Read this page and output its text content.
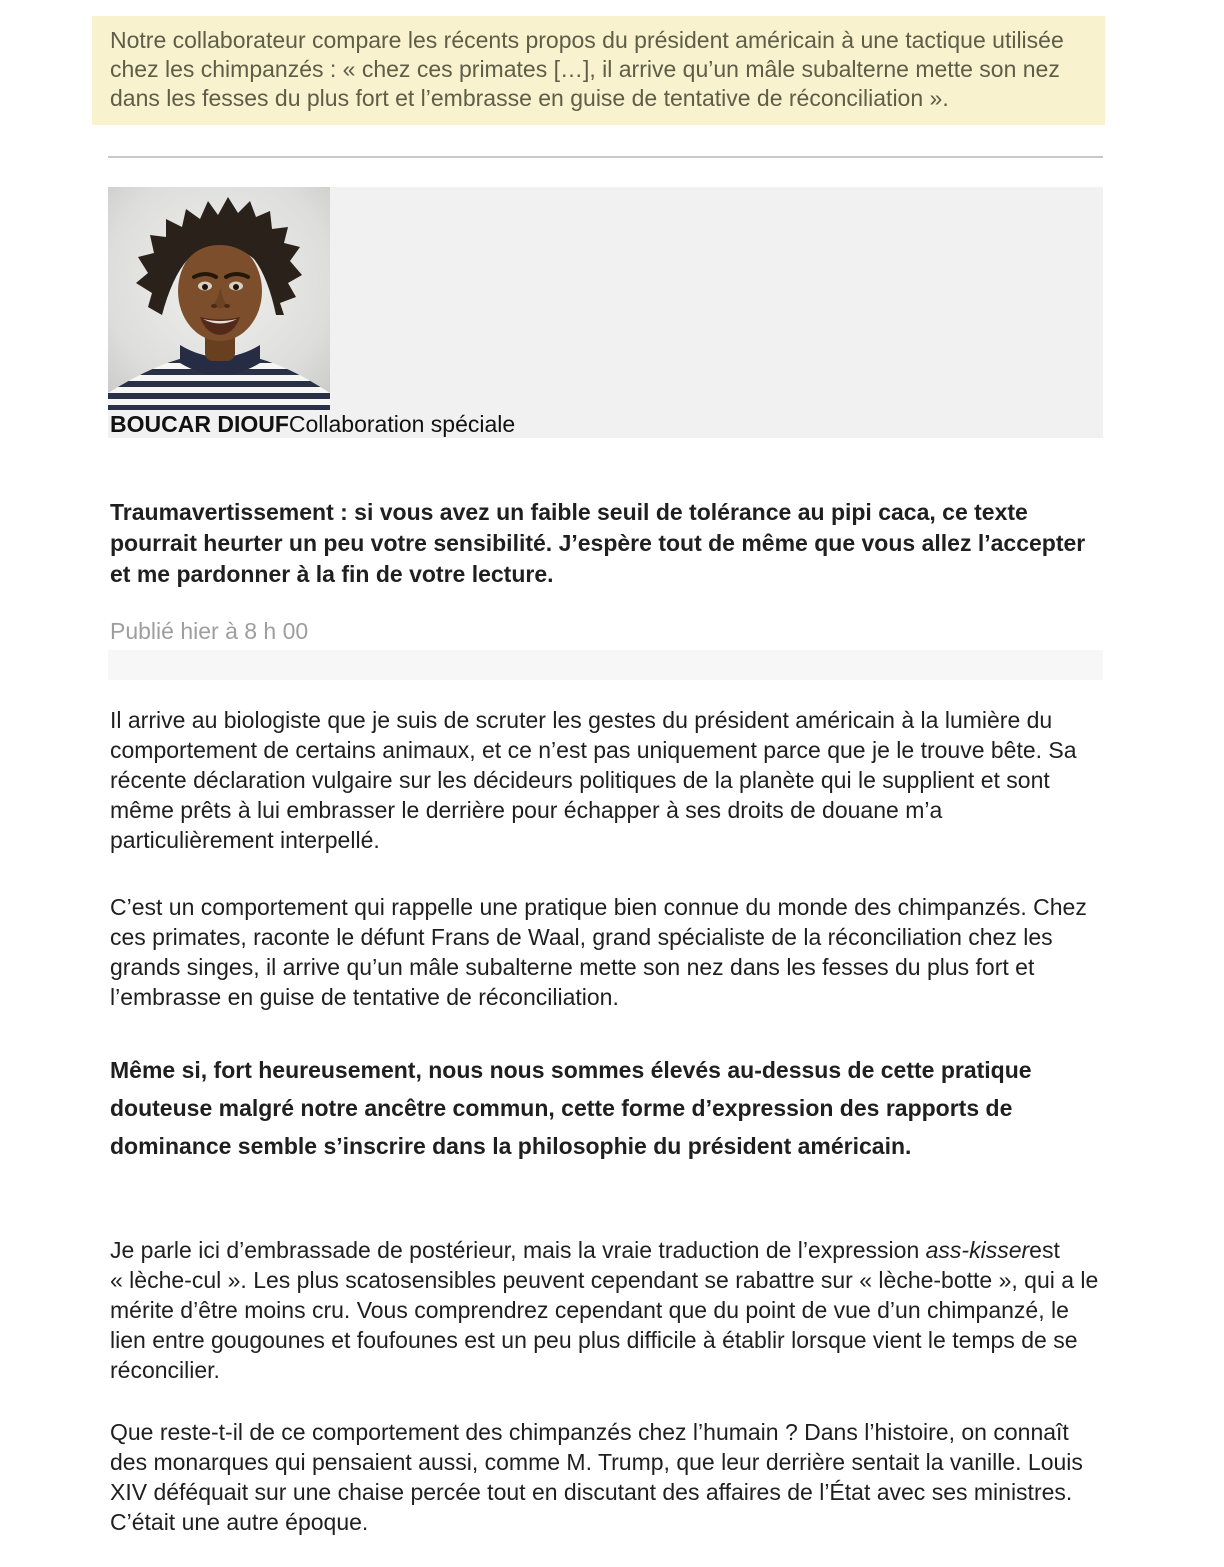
Notre collaborateur compare les récents propos du président américain à une tactique utilisée chez les chimpanzés : « chez ces primates […], il arrive qu’un mâle subalterne mette son nez dans les fesses du plus fort et l’embrasse en guise de tentative de réconciliation ».

BOUCAR DIOUFCollaboration spéciale

Traumavertissement : si vous avez un faible seuil de tolérance au pipi caca, ce texte pourrait heurter un peu votre sensibilité. J’espère tout de même que vous allez l’accepter et me pardonner à la fin de votre lecture.

Publié hier à 8 h 00

Il arrive au biologiste que je suis de scruter les gestes du président américain à la lumière du comportement de certains animaux, et ce n’est pas uniquement parce que je le trouve bête. Sa récente déclaration vulgaire sur les décideurs politiques de la planète qui le supplient et sont même prêts à lui embrasser le derrière pour échapper à ses droits de douane m’a particulièrement interpellé.

C’est un comportement qui rappelle une pratique bien connue du monde des chimpanzés. Chez ces primates, raconte le défunt Frans de Waal, grand spécialiste de la réconciliation chez les grands singes, il arrive qu’un mâle subalterne mette son nez dans les fesses du plus fort et l’embrasse en guise de tentative de réconciliation.

Même si, fort heureusement, nous nous sommes élevés au-dessus de cette pratique douteuse malgré notre ancêtre commun, cette forme d’expression des rapports de dominance semble s’inscrire dans la philosophie du président américain.

Je parle ici d’embrassade de postérieur, mais la vraie traduction de l’expression ass-kisserest « lèche-cul ». Les plus scatosensibles peuvent cependant se rabattre sur « lèche-botte », qui a le mérite d’être moins cru. Vous comprendrez cependant que du point de vue d’un chimpanzé, le lien entre gougounes et foufounes est un peu plus difficile à établir lorsque vient le temps de se réconcilier.

Que reste-t-il de ce comportement des chimpanzés chez l’humain ? Dans l’histoire, on connaît des monarques qui pensaient aussi, comme M. Trump, que leur derrière sentait la vanille. Louis XIV déféquait sur une chaise percée tout en discutant des affaires de l’État avec ses ministres. C’était une autre époque.
